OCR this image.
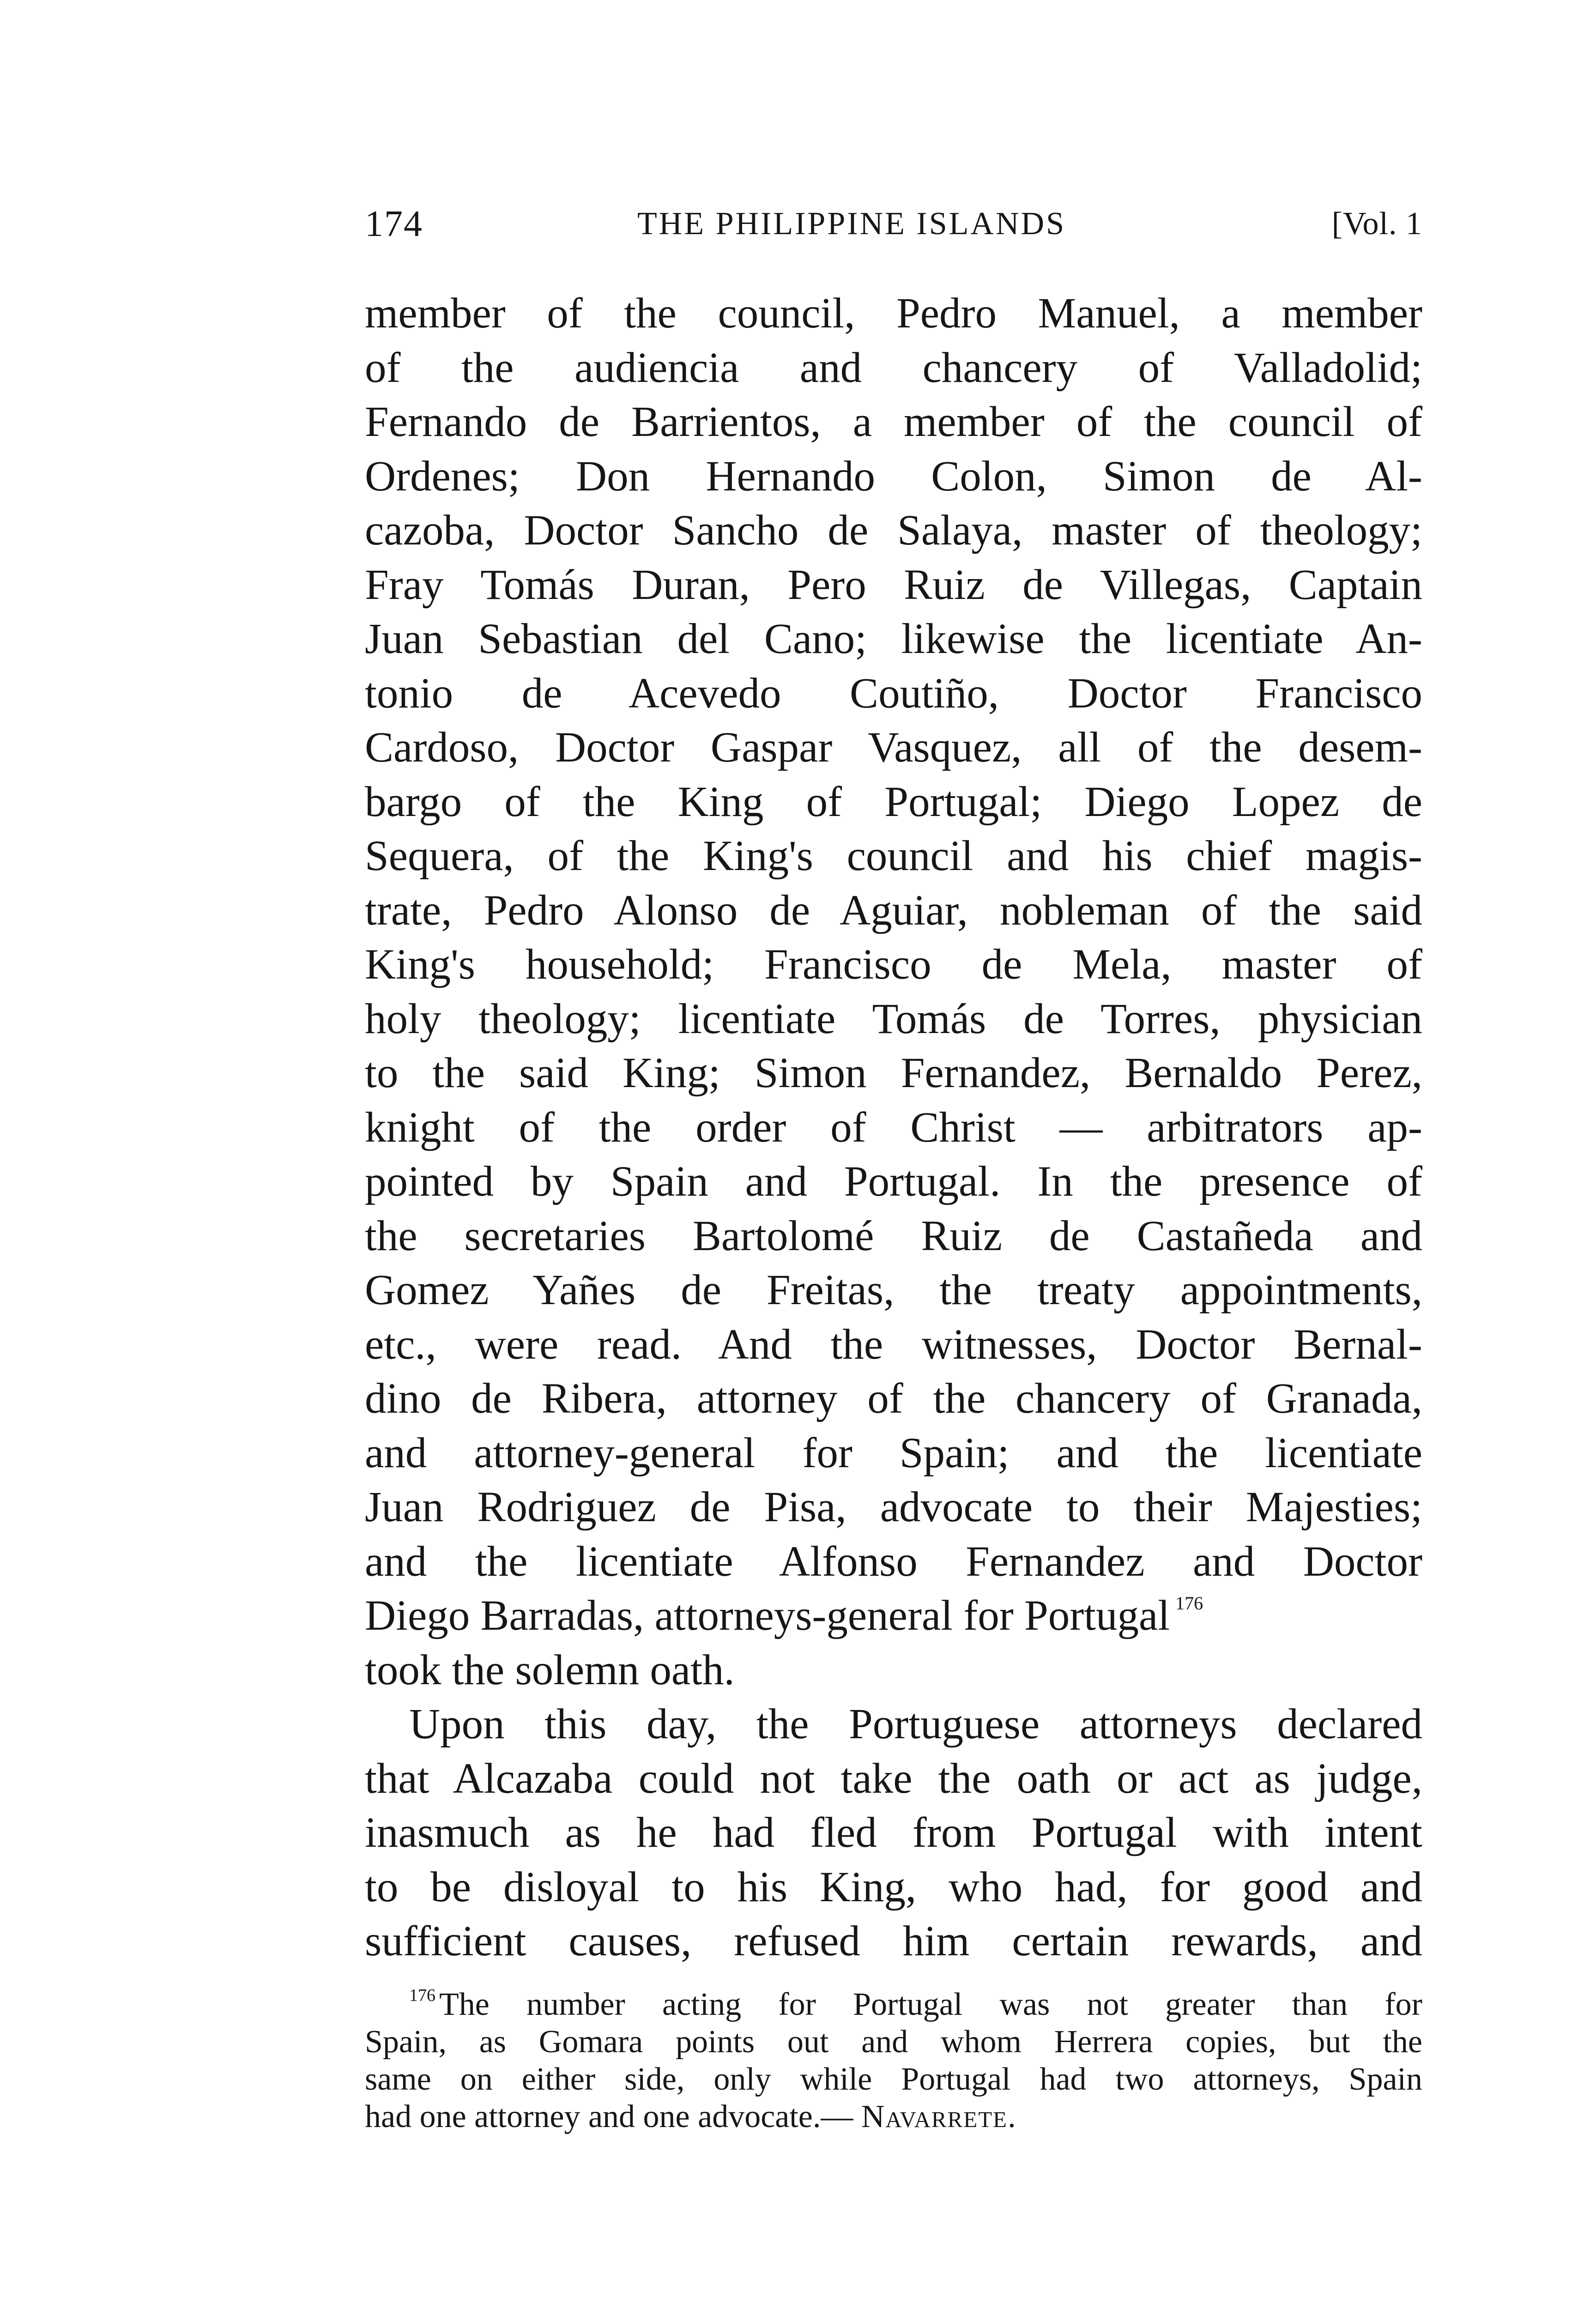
174	THE PHILIPPINE ISLANDS	[Vol. 1
member of the council, Pedro Manuel, a member
of the audiencia and chancery of Valladolid;
Fernando de Barrientos, a member of the council of
Ordenes; Don Hernando Colon, Simon de Al-
cazoba, Doctor Sancho de Salaya, master of theology;
Fray Tomás Duran, Pero Ruiz de Villegas, Captain
Juan Sebastian del Cano; likewise the licentiate An-
tonio de Acevedo Coutiño, Doctor Francisco
Cardoso, Doctor Gaspar Vasquez, all of the desem-
bargo of the King of Portugal; Diego Lopez de
Sequera, of the King's council and his chief magis-
trate, Pedro Alonso de Aguiar, nobleman of the said
King's household; Francisco de Mela, master of
holy theology; licentiate Tomás de Torres, physician
to the said King; Simon Fernandez, Bernaldo Perez,
knight of the order of Christ — arbitrators ap-
pointed by Spain and Portugal. In the presence of
the secretaries Bartolomé Ruiz de Castañeda and
Gomez Yañes de Freitas, the treaty appointments,
etc., were read. And the witnesses, Doctor Bernal-
dino de Ribera, attorney of the chancery of Granada,
and attorney-general for Spain; and the licentiate
Juan Rodriguez de Pisa, advocate to their Majesties;
and the licentiate Alfonso Fernandez and Doctor
Diego Barradas, attorneys-general for Portugal $^{176}$
took the solemn oath.
Upon this day, the Portuguese attorneys declared
that Alcazaba could not take the oath or act as judge,
inasmuch as he had fled from Portugal with intent
to be disloyal to his King, who had, for good and
sufficient causes, refused him certain rewards, and
$^{176}$ The number acting for Portugal was not greater than for
Spain, as Gomara points out and whom Herrera copies, but the
same on either side, only while Portugal had two attorneys, Spain
had one attorney and one advocate.— Navarrete.
